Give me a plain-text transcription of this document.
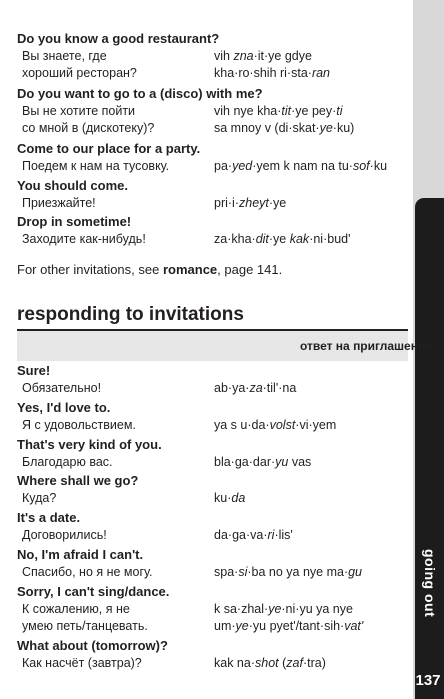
going out
137
Do you know a good restaurant?
Вы знаете, где	vih zna·it·ye gdye
хороший ресторан?	kha·ro·shih ri·sta·ran
Do you want to go to a (disco) with me?
Вы не хотите пойти	vih nye kha·tit·ye pey·ti
со мной в (дискотеку)?	sa mnoy v (di·skat·ye·ku)
Come to our place for a party.
Поедем к нам на тусовку.	pa·yed·yem k nam na tu·sof·ku
You should come.
Приезжайте!	pri·i·zheyt·ye
Drop in sometime!
Заходите как-нибудь!	za·kha·dit·ye kak·ni·bud'
For other invitations, see romance, page 141.
responding to invitations
Sure!
Обязательно!	ab·ya·za·til'·na
Yes, I'd love to.
Я с удовольствием.	ya s u·da·volst·vi·yem
That's very kind of you.
Благодарю вас.	bla·ga·dar·yu vas
Where shall we go?
Куда?	ku·da
It's a date.
Договорились!	da·ga·va·ri·lis'
No, I'm afraid I can't.
Спасибо, но я не могу.	spa·si·ba no ya nye ma·gu
Sorry, I can't sing/dance.
К сожалению, я не	k sa·zhal·ye·ni·yu ya nye
умею петь/танцевать.	um·ye·yu pyet'/tant·sih·vat'
What about (tomorrow)?
Как насчёт (завтра)?	kak na·shot (zaf·tra)
ответ на приглашение
